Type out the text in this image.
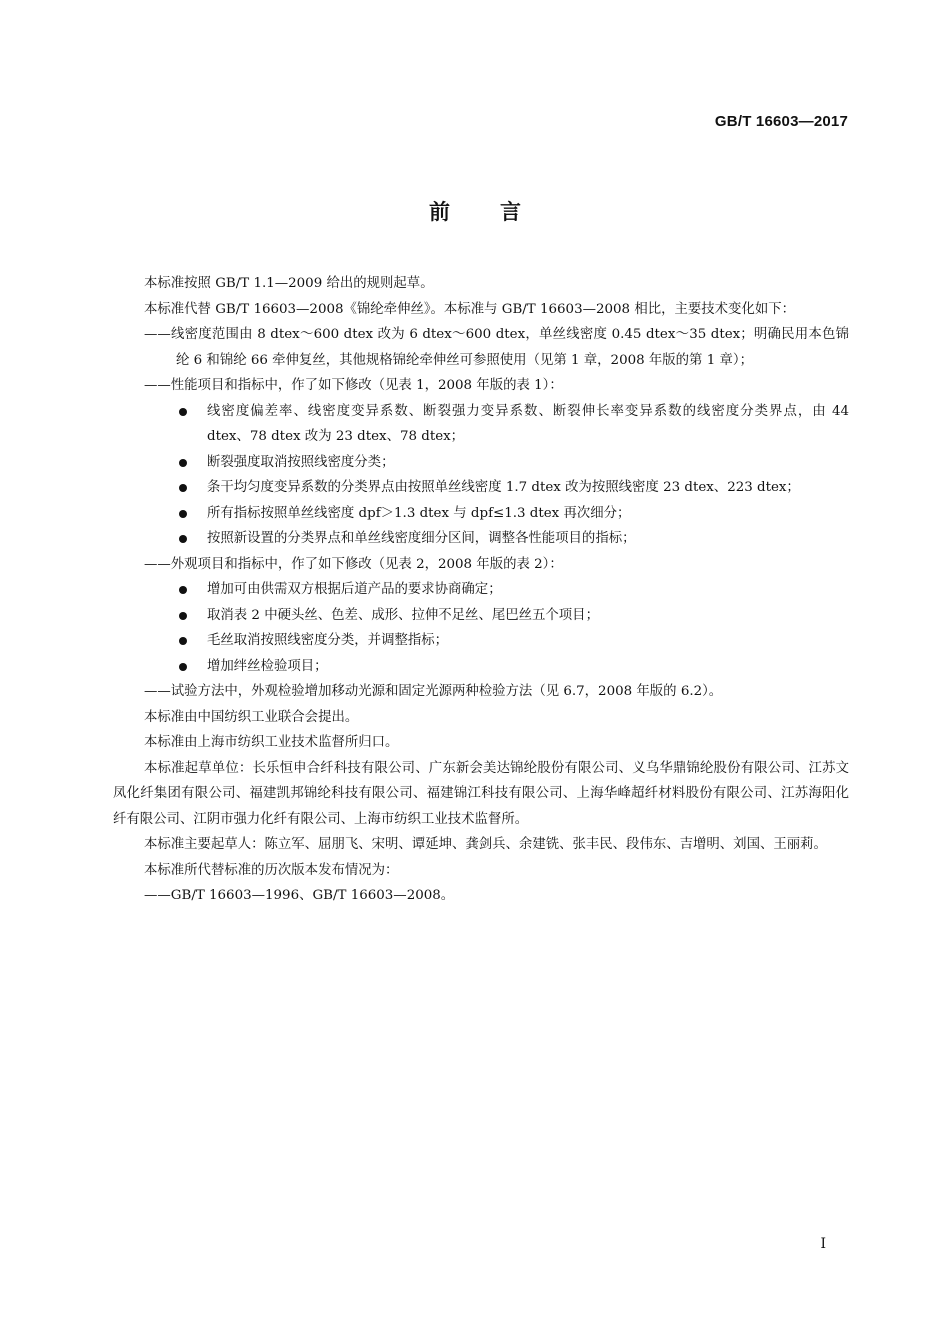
GB/T 16603—2017
前言

本标准按照 GB/T 1.1—2009 给出的规则起草。

本标准代替 GB/T 16603—2008《锦纶牵伸丝》。本标准与 GB/T 16603—2008 相比，主要技术变化如下：

——线密度范围由 8 dtex～600 dtex 改为 6 dtex～600 dtex，单丝线密度 0.45 dtex～35 dtex；明确民用本色锦纶 6 和锦纶 66 牵伸复丝，其他规格锦纶牵伸丝可参照使用（见第 1 章，2008 年版的第 1 章）；

——性能项目和指标中，作了如下修改（见表 1，2008 年版的表 1）：

线密度偏差率、线密度变异系数、断裂强力变异系数、断裂伸长率变异系数的线密度分类界点，由 44 dtex、78 dtex 改为 23 dtex、78 dtex；
断裂强度取消按照线密度分类；
条干均匀度变异系数的分类界点由按照单丝线密度 1.7 dtex 改为按照线密度 23 dtex、223 dtex；
所有指标按照单丝线密度 dpf＞1.3 dtex 与 dpf≤1.3 dtex 再次细分；
按照新设置的分类界点和单丝线密度细分区间，调整各性能项目的指标；

——外观项目和指标中，作了如下修改（见表 2，2008 年版的表 2）：

增加可由供需双方根据后道产品的要求协商确定；
取消表 2 中硬头丝、色差、成形、拉伸不足丝、尾巴丝五个项目；
毛丝取消按照线密度分类，并调整指标；
增加绊丝检验项目；

——试验方法中，外观检验增加移动光源和固定光源两种检验方法（见 6.7，2008 年版的 6.2）。

本标准由中国纺织工业联合会提出。

本标准由上海市纺织工业技术监督所归口。

本标准起草单位：长乐恒申合纤科技有限公司、广东新会美达锦纶股份有限公司、义乌华鼎锦纶股份有限公司、江苏文凤化纤集团有限公司、福建凯邦锦纶科技有限公司、福建锦江科技有限公司、上海华峰超纤材料股份有限公司、江苏海阳化纤有限公司、江阴市强力化纤有限公司、上海市纺织工业技术监督所。

本标准主要起草人：陈立军、屈朋飞、宋明、谭延坤、龚剑兵、余建铣、张丰民、段伟东、吉增明、刘国、王丽莉。

本标准所代替标准的历次版本发布情况为：

——GB/T 16603—1996、GB/T 16603—2008。

I
